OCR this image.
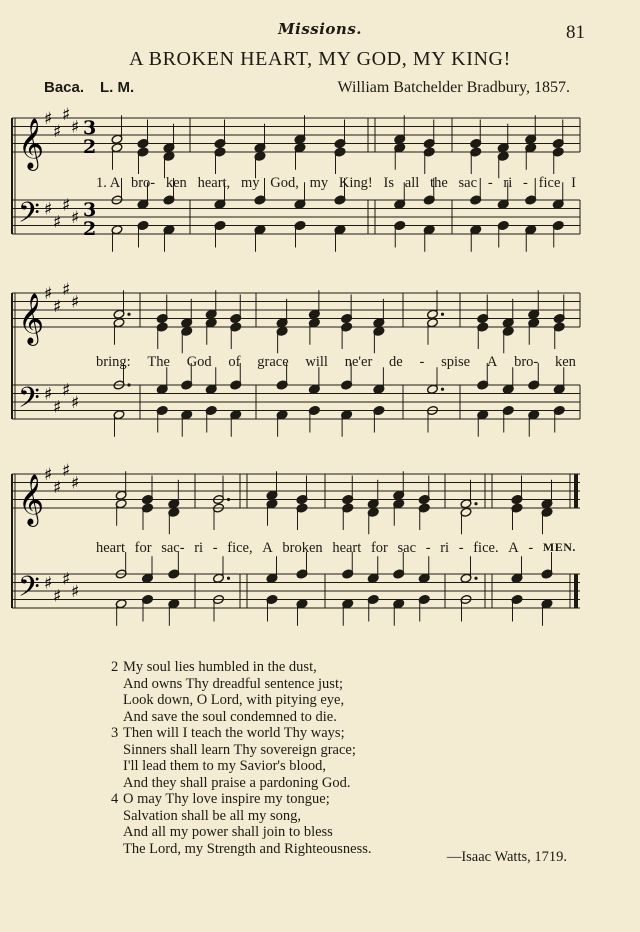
Missions.	81
A BROKEN HEART, MY GOD, MY KING!
Baca. L. M.	William Batchelder Bradbury, 1857.
𝄞
𝄢
♯
♯
♯
♯
♯
♯
♯
♯
3
2
3
2
𝄞
𝄢
♯
♯
♯
♯
♯
♯
♯
♯
𝄞
𝄢
♯
♯
♯
♯
♯
♯
♯
♯
1. A bro- ken heart, my God, my King! Is all the sac - ri - fice I
bring: The God of grace will ne'er de - spise A bro- ken
heart for sac- ri - fice, A broken heart for sac - ri - fice. A - MEN.
2 My soul lies humbled in the dust,
And owns Thy dreadful sentence just;
Look down, O Lord, with pitying eye,
And save the soul condemned to die.
3 Then will I teach the world Thy ways;
Sinners shall learn Thy sovereign grace;
I'll lead them to my Savior's blood,
And they shall praise a pardoning God.
4 O may Thy love inspire my tongue;
Salvation shall be all my song,
And all my power shall join to bless
The Lord, my Strength and Righteousness.
—Isaac Watts, 1719.
